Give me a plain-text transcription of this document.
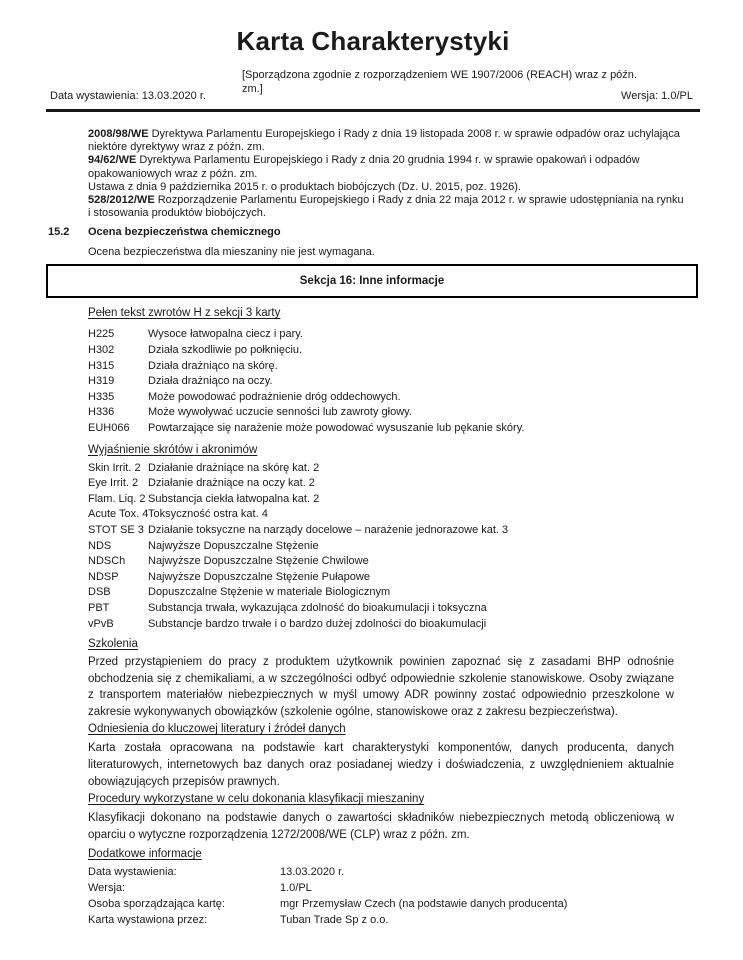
Karta Charakterystyki
[Sporządzona zgodnie z rozporządzeniem WE 1907/2006 (REACH) wraz z późn. zm.]
Data wystawienia: 13.03.2020 r.	Wersja: 1.0/PL

2008/98/WE Dyrektywa Parlamentu Europejskiego i Rady z dnia 19 listopada 2008 r. w sprawie odpadów oraz uchylająca niektóre dyrektywy wraz z późn. zm.

94/62/WE Dyrektywa Parlamentu Europejskiego i Rady z dnia 20 grudnia 1994 r. w sprawie opakowań i odpadów opakowaniowych wraz z późn. zm.

Ustawa z dnia 9 października 2015 r. o produktach biobójczych (Dz. U. 2015, poz. 1926).

528/2012/WE Rozporządzenie Parlamentu Europejskiego i Rady z dnia 22 maja 2012 r. w sprawie udostępniania na rynku i stosowania produktów biobójczych.

15.2	Ocena bezpieczeństwa chemicznego
Ocena bezpieczeństwa dla mieszaniny nie jest wymagana.
Sekcja 16: Inne informacje
Pełen tekst zwrotów H z sekcji 3 karty
H225	Wysoce łatwopalna ciecz i pary.
H302	Działa szkodliwie po połknięciu.
H315	Działa drażniąco na skórę.
H319	Działa drażniąco na oczy.
H335	Może powodować podrażnienie dróg oddechowych.
H336	Może wywoływać uczucie senności lub zawroty głowy.
EUH066	Powtarzające się narażenie może powodować wysuszanie lub pękanie skóry.
Wyjaśnienie skrótów i akronimów
Skin Irrit. 2 Działanie drażniące na skórę kat. 2
Eye Irrit. 2 Działanie drażniące na oczy kat. 2
Flam. Liq. 2 Substancja ciekła łatwopalna kat. 2
Acute Tox. 4 Toksyczność ostra kat. 4
STOT SE 3 Działanie toksyczne na narządy docelowe – narażenie jednorazowe kat. 3
NDS	Najwyższe Dopuszczalne Stężenie
NDSCh	Najwyższe Dopuszczalne Stężenie Chwilowe
NDSP	Najwyższe Dopuszczalne Stężenie Pułapowe
DSB	Dopuszczalne Stężenie w materiale Biologicznym
PBT	Substancja trwała, wykazująca zdolność do bioakumulacji i toksyczna
vPvB	Substancje bardzo trwałe i o bardzo dużej zdolności do bioakumulacji
Szkolenia

Przed przystąpieniem do pracy z produktem użytkownik powinien zapoznać się z zasadami BHP odnośnie obchodzenia się z chemikaliami, a w szczególności odbyć odpowiednie szkolenie stanowiskowe. Osoby związane z transportem materiałów niebezpiecznych w myśl umowy ADR powinny zostać odpowiednio przeszkolone w zakresie wykonywanych obowiązków (szkolenie ogólne, stanowiskowe oraz z zakresu bezpieczeństwa).

Odniesienia do kluczowej literatury i źródeł danych

Karta została opracowana na podstawie kart charakterystyki komponentów, danych producenta, danych literaturowych, internetowych baz danych oraz posiadanej wiedzy i doświadczenia, z uwzględnieniem aktualnie obowiązujących przepisów prawnych.

Procedury wykorzystane w celu dokonania klasyfikacji mieszaniny

Klasyfikacji dokonano na podstawie danych o zawartości składników niebezpiecznych metodą obliczeniową w oparciu o wytyczne rozporządzenia 1272/2008/WE (CLP) wraz z późn. zm.

Dodatkowe informacje
Data wystawienia:	13.03.2020 r.
Wersja:	1.0/PL
Osoba sporządzająca kartę:	mgr Przemysław Czech (na podstawie danych producenta)
Karta wystawiona przez:	Tuban Trade Sp z o.o.
